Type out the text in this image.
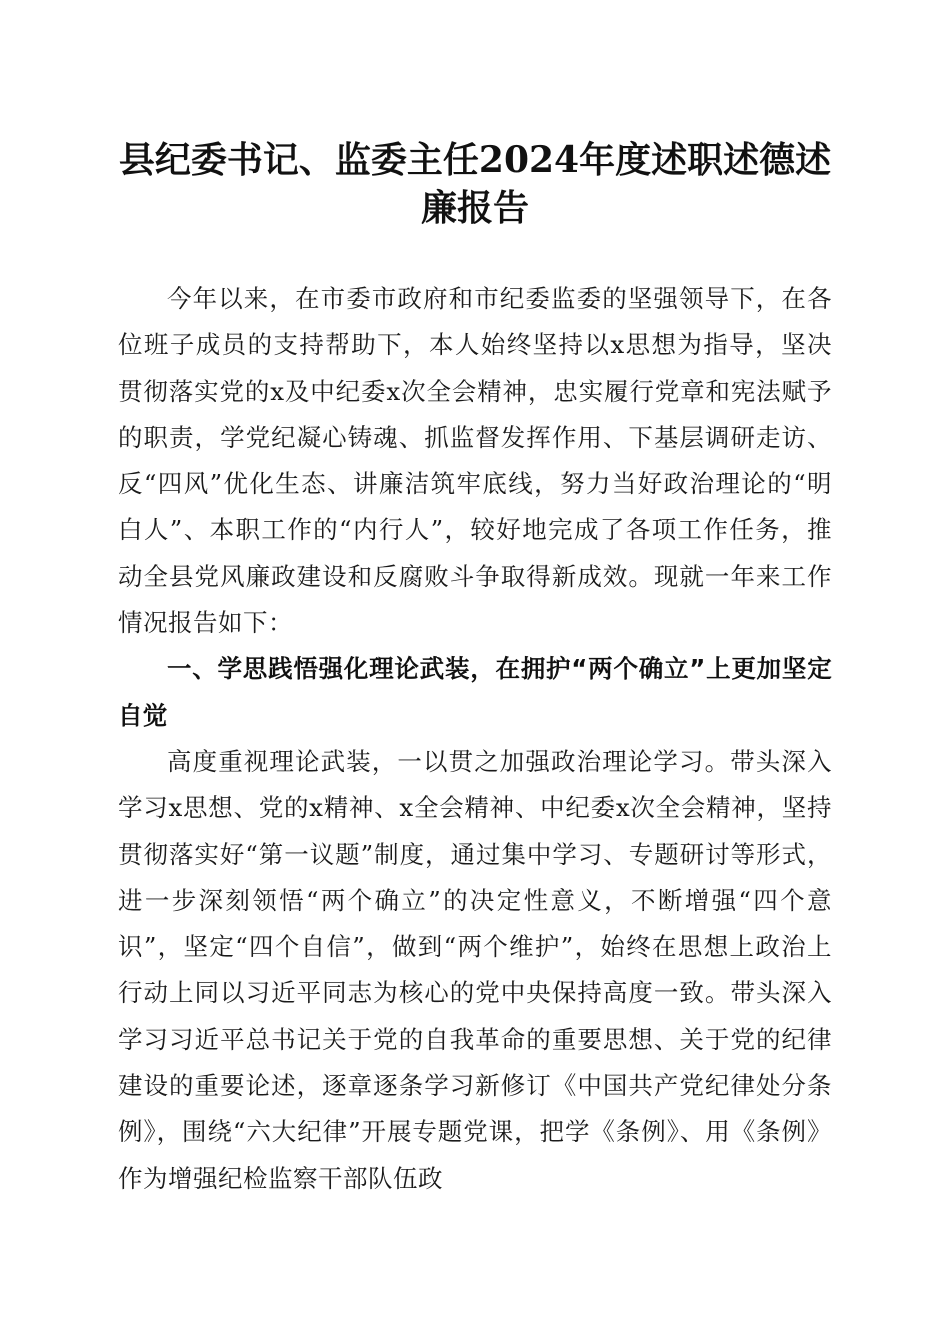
县纪委书记、监委主任2024年度述职述德述
廉报告

今年以来，在市委市政府和市纪委监委的坚强领导下，在各位班子成员的支持帮助下，本人始终坚持以x思想为指导，坚决贯彻落实党的x及中纪委x次全会精神，忠实履行党章和宪法赋予的职责，学党纪凝心铸魂、抓监督发挥作用、下基层调研走访、反“四风”优化生态、讲廉洁筑牢底线，努力当好政治理论的“明白人”、本职工作的“内行人”，较好地完成了各项工作任务，推动全县党风廉政建设和反腐败斗争取得新成效。现就一年来工作情况报告如下：

一、学思践悟强化理论武装，在拥护“两个确立”上更加坚定自觉

高度重视理论武装，一以贯之加强政治理论学习。带头深入学习x思想、党的x精神、x全会精神、中纪委x次全会精神，坚持贯彻落实好“第一议题”制度，通过集中学习、专题研讨等形式，进一步深刻领悟“两个确立”的决定性意义，不断增强“四个意识”，坚定“四个自信”，做到“两个维护”，始终在思想上政治上行动上同以习近平同志为核心的党中央保持高度一致。带头深入学习习近平总书记关于党的自我革命的重要思想、关于党的纪律建设的重要论述，逐章逐条学习新修订《中国共产党纪律处分条例》，围绕“六大纪律”开展专题党课，把学《条例》、用《条例》作为增强纪检监察干部队伍政
